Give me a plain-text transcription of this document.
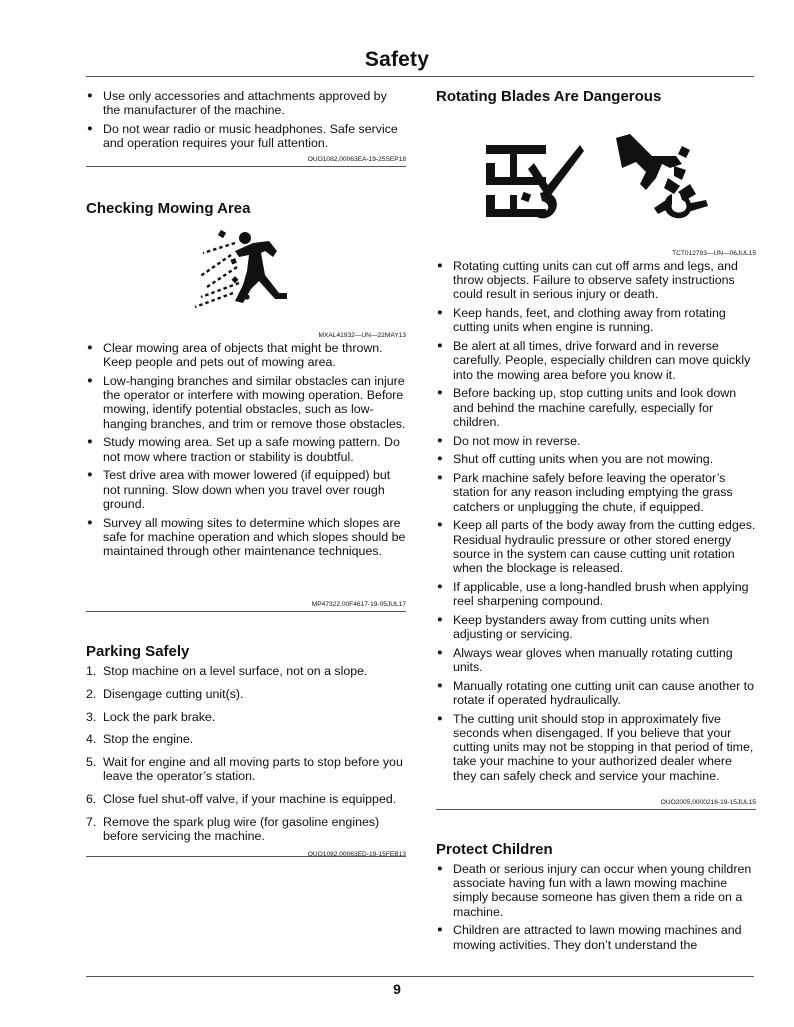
Safety
● Use only accessories and attachments approved by the manufacturer of the machine.
● Do not wear radio or music headphones. Safe service and operation requires your full attention.
OUO1082,00063EA-19-25SEP18
Checking Mowing Area
MXAL41932—UN—22MAY13
● Clear mowing area of objects that might be thrown. Keep people and pets out of mowing area.
● Low-hanging branches and similar obstacles can injure the operator or interfere with mowing operation. Before mowing, identify potential obstacles, such as low-hanging branches, and trim or remove those obstacles.
● Study mowing area. Set up a safe mowing pattern. Do not mow where traction or stability is doubtful.
● Test drive area with mower lowered (if equipped) but not running. Slow down when you travel over rough ground.
● Survey all mowing sites to determine which slopes are safe for machine operation and which slopes should be maintained through other maintenance techniques.
MP47322,00F4617-19-05JUL17
Parking Safely
1. Stop machine on a level surface, not on a slope.
2. Disengage cutting unit(s).
3. Lock the park brake.
4. Stop the engine.
5. Wait for engine and all moving parts to stop before you leave the operator’s station.
6. Close fuel shut-off valve, if your machine is equipped.
7. Remove the spark plug wire (for gasoline engines) before servicing the machine.
OUO1082,00063ED-19-15FEB13
Rotating Blades Are Dangerous
TCT012793—UN—06JUL15
● Rotating cutting units can cut off arms and legs, and throw objects. Failure to observe safety instructions could result in serious injury or death.
● Keep hands, feet, and clothing away from rotating cutting units when engine is running.
● Be alert at all times, drive forward and in reverse carefully. People, especially children can move quickly into the mowing area before you know it.
● Before backing up, stop cutting units and look down and behind the machine carefully, especially for children.
● Do not mow in reverse.
● Shut off cutting units when you are not mowing.
● Park machine safely before leaving the operator’s station for any reason including emptying the grass catchers or unplugging the chute, if equipped.
● Keep all parts of the body away from the cutting edges. Residual hydraulic pressure or other stored energy source in the system can cause cutting unit rotation when the blockage is released.
● If applicable, use a long-handled brush when applying reel sharpening compound.
● Keep bystanders away from cutting units when adjusting or servicing.
● Always wear gloves when manually rotating cutting units.
● Manually rotating one cutting unit can cause another to rotate if operated hydraulically.
● The cutting unit should stop in approximately five seconds when disengaged. If you believe that your cutting units may not be stopping in that period of time, take your machine to your authorized dealer where they can safely check and service your machine.
OUO2005,0000216-19-15JUL15
Protect Children
● Death or serious injury can occur when young children associate having fun with a lawn mowing machine simply because someone has given them a ride on a machine.
● Children are attracted to lawn mowing machines and mowing activities. They don’t understand the
9
